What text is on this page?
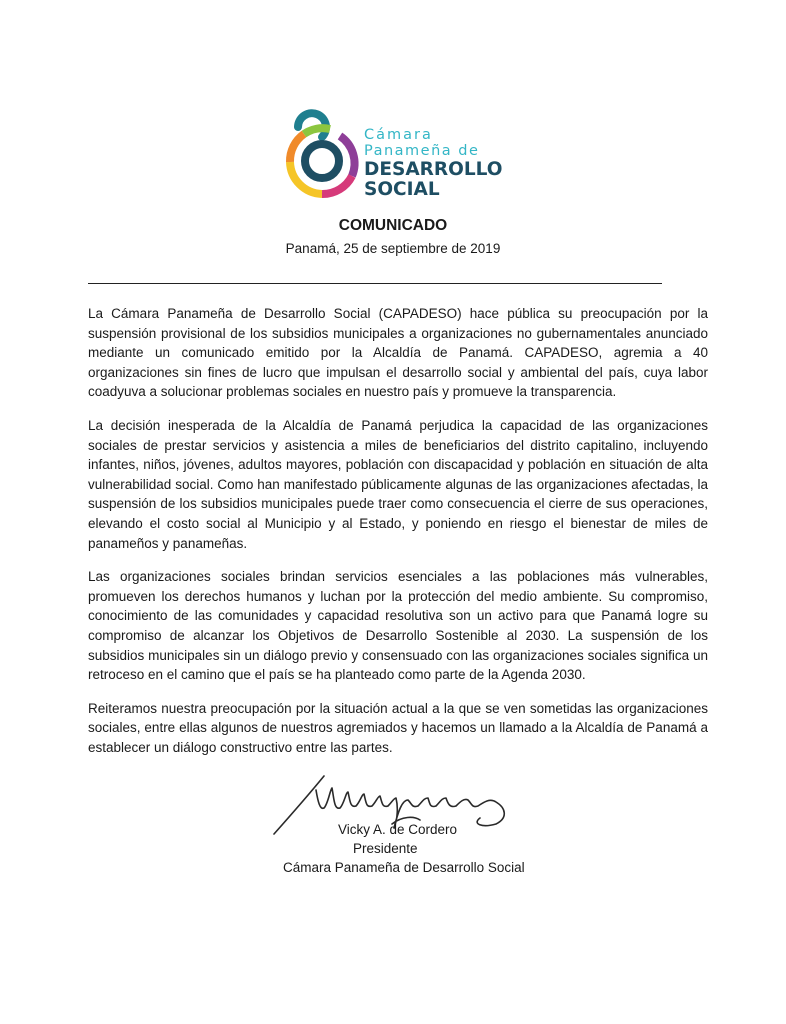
Cámara
Panameña de
DESARROLLO
SOCIAL
COMUNICADO
Panamá, 25 de septiembre de 2019

La Cámara Panameña de Desarrollo Social (CAPADESO) hace pública su preocupación por la suspensión provisional de los subsidios municipales a organizaciones no gubernamentales anunciado mediante un comunicado emitido por la Alcaldía de Panamá. CAPADESO, agremia a 40 organizaciones sin fines de lucro que impulsan el desarrollo social y ambiental del país, cuya labor coadyuva a solucionar problemas sociales en nuestro país y promueve la transparencia.

La decisión inesperada de la Alcaldía de Panamá perjudica la capacidad de las organizaciones sociales de prestar servicios y asistencia a miles de beneficiarios del distrito capitalino, incluyendo infantes, niños, jóvenes, adultos mayores, población con discapacidad y población en situación de alta vulnerabilidad social. Como han manifestado públicamente algunas de las organizaciones afectadas, la suspensión de los subsidios municipales puede traer como consecuencia el cierre de sus operaciones, elevando el costo social al Municipio y al Estado, y poniendo en riesgo el bienestar de miles de panameños y panameñas.

Las organizaciones sociales brindan servicios esenciales a las poblaciones más vulnerables, promueven los derechos humanos y luchan por la protección del medio ambiente. Su compromiso, conocimiento de las comunidades y capacidad resolutiva son un activo para que Panamá logre su compromiso de alcanzar los Objetivos de Desarrollo Sostenible al 2030. La suspensión de los subsidios municipales sin un diálogo previo y consensuado con las organizaciones sociales significa un retroceso en el camino que el país se ha planteado como parte de la Agenda 2030.

Reiteramos nuestra preocupación por la situación actual a la que se ven sometidas las organizaciones sociales, entre ellas algunos de nuestros agremiados y hacemos un llamado a la Alcaldía de Panamá a establecer un diálogo constructivo entre las partes.

Vicky A. de Cordero
Presidente
Cámara Panameña de Desarrollo Social
